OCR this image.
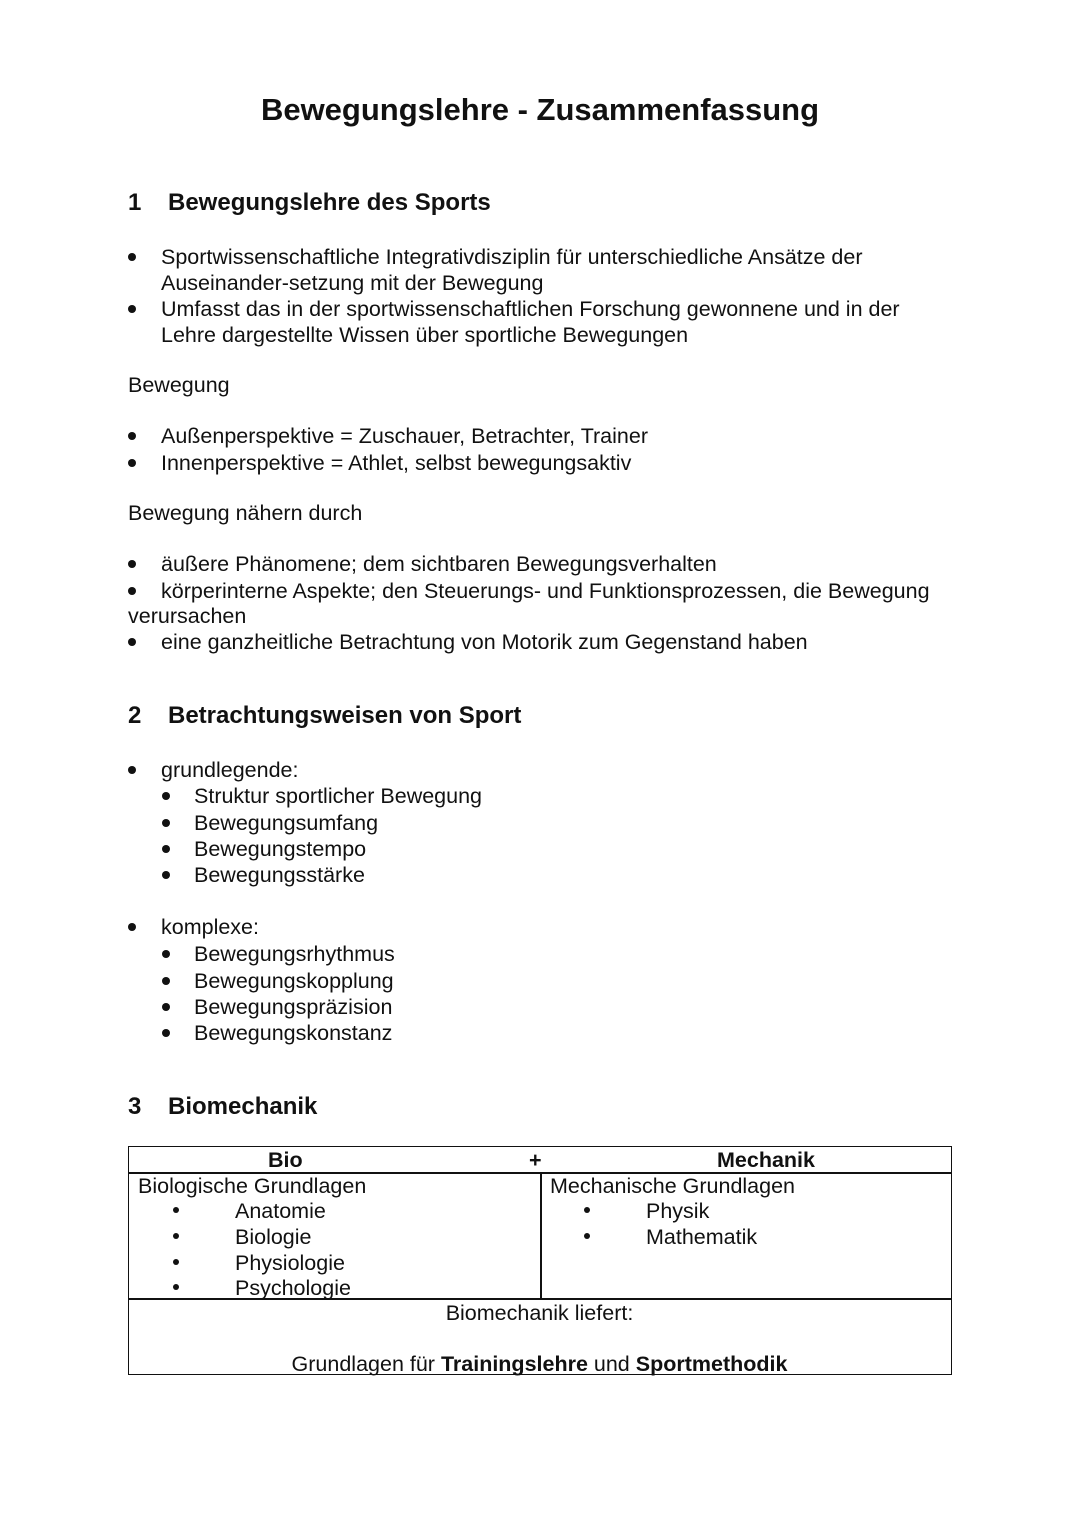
Bewegungslehre - Zusammenfassung
1 Bewegungslehre des Sports
Sportwissenschaftliche Integrativdisziplin für unterschiedliche Ansätze der
Auseinander-setzung mit der Bewegung
Umfasst das in der sportwissenschaftlichen Forschung gewonnene und in der
Lehre dargestellte Wissen über sportliche Bewegungen
Bewegung
Außenperspektive = Zuschauer, Betrachter, Trainer
Innenperspektive = Athlet, selbst bewegungsaktiv
Bewegung nähern durch
äußere Phänomene; dem sichtbaren Bewegungsverhalten
körperinterne Aspekte; den Steuerungs- und Funktionsprozessen, die Bewegung
verursachen
eine ganzheitliche Betrachtung von Motorik zum Gegenstand haben
2 Betrachtungsweisen von Sport
grundlegende:
Struktur sportlicher Bewegung
Bewegungsumfang
Bewegungstempo
Bewegungsstärke
komplexe:
Bewegungsrhythmus
Bewegungskopplung
Bewegungspräzision
Bewegungskonstanz
3 Biomechanik
Bio	+	Mechanik
Biologische Grundlagen
Anatomie
Biologie
Physiologie
Psychologie
Mechanische Grundlagen
Physik
Mathematik
Biomechanik liefert:
Grundlagen für Trainingslehre und Sportmethodik
